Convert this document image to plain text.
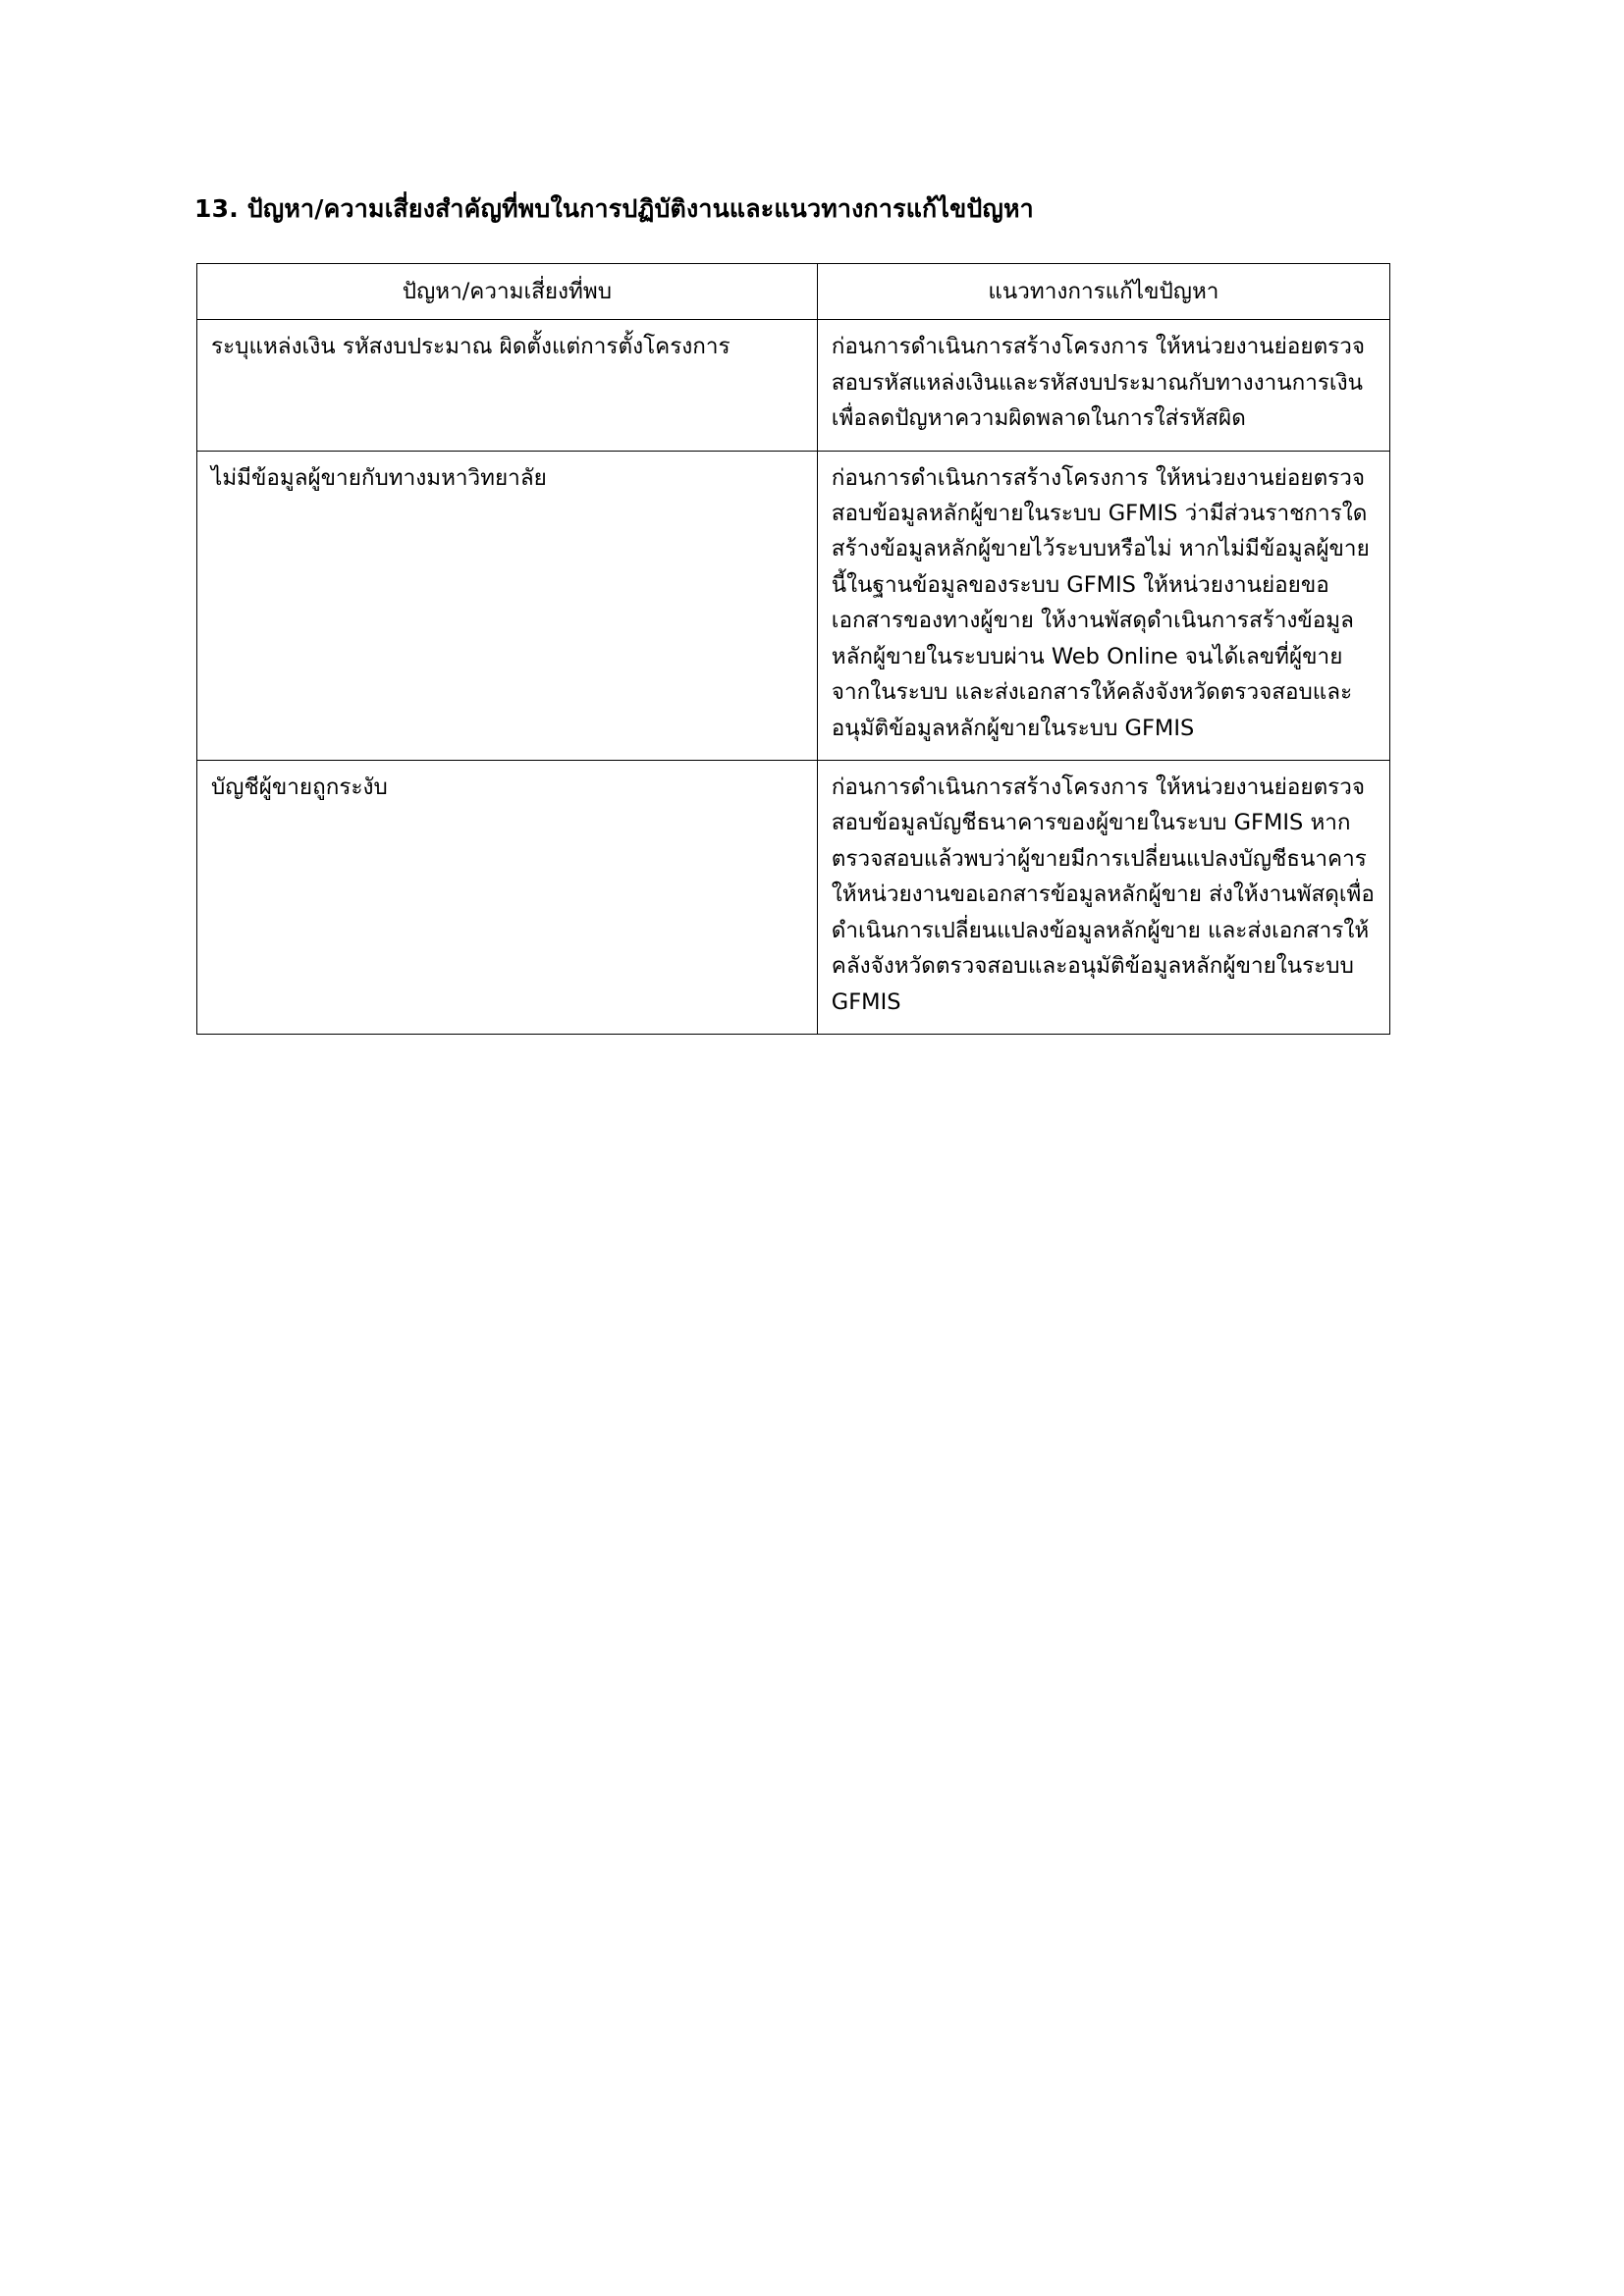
13. ปัญหา/ความเสี่ยงสำคัญที่พบในการปฏิบัติงานและแนวทางการแก้ไขปัญหา
ปัญหา/ความเสี่ยงที่พบ	แนวทางการแก้ไขปัญหา

ระบุแหล่งเงิน รหัสงบประมาณ ผิดตั้งแต่การตั้งโครงการ	ก่อนการดำเนินการสร้างโครงการ ให้หน่วยงานย่อยตรวจสอบรหัสแหล่งเงินและรหัสงบประมาณกับทางงานการเงิน เพื่อลดปัญหาความผิดพลาดในการใส่รหัสผิด

ไม่มีข้อมูลผู้ขายกับทางมหาวิทยาลัย	ก่อนการดำเนินการสร้างโครงการ ให้หน่วยงานย่อยตรวจสอบข้อมูลหลักผู้ขายในระบบ GFMIS ว่ามีส่วนราชการใดสร้างข้อมูลหลักผู้ขายไว้ระบบหรือไม่ หากไม่มีข้อมูลผู้ขายนี้ในฐานข้อมูลของระบบ GFMIS ให้หน่วยงานย่อยขอเอกสารของทางผู้ขาย ให้งานพัสดุดำเนินการสร้างข้อมูลหลักผู้ขายในระบบผ่าน Web Online จนได้เลขที่ผู้ขายจากในระบบ และส่งเอกสารให้คลังจังหวัดตรวจสอบและอนุมัติข้อมูลหลักผู้ขายในระบบ GFMIS

บัญชีผู้ขายถูกระงับ	ก่อนการดำเนินการสร้างโครงการ ให้หน่วยงานย่อยตรวจสอบข้อมูลบัญชีธนาคารของผู้ขายในระบบ GFMIS หากตรวจสอบแล้วพบว่าผู้ขายมีการเปลี่ยนแปลงบัญชีธนาคาร ให้หน่วยงานขอเอกสารข้อมูลหลักผู้ขาย ส่งให้งานพัสดุเพื่อดำเนินการเปลี่ยนแปลงข้อมูลหลักผู้ขาย และส่งเอกสารให้คลังจังหวัดตรวจสอบและอนุมัติข้อมูลหลักผู้ขายในระบบ GFMIS
